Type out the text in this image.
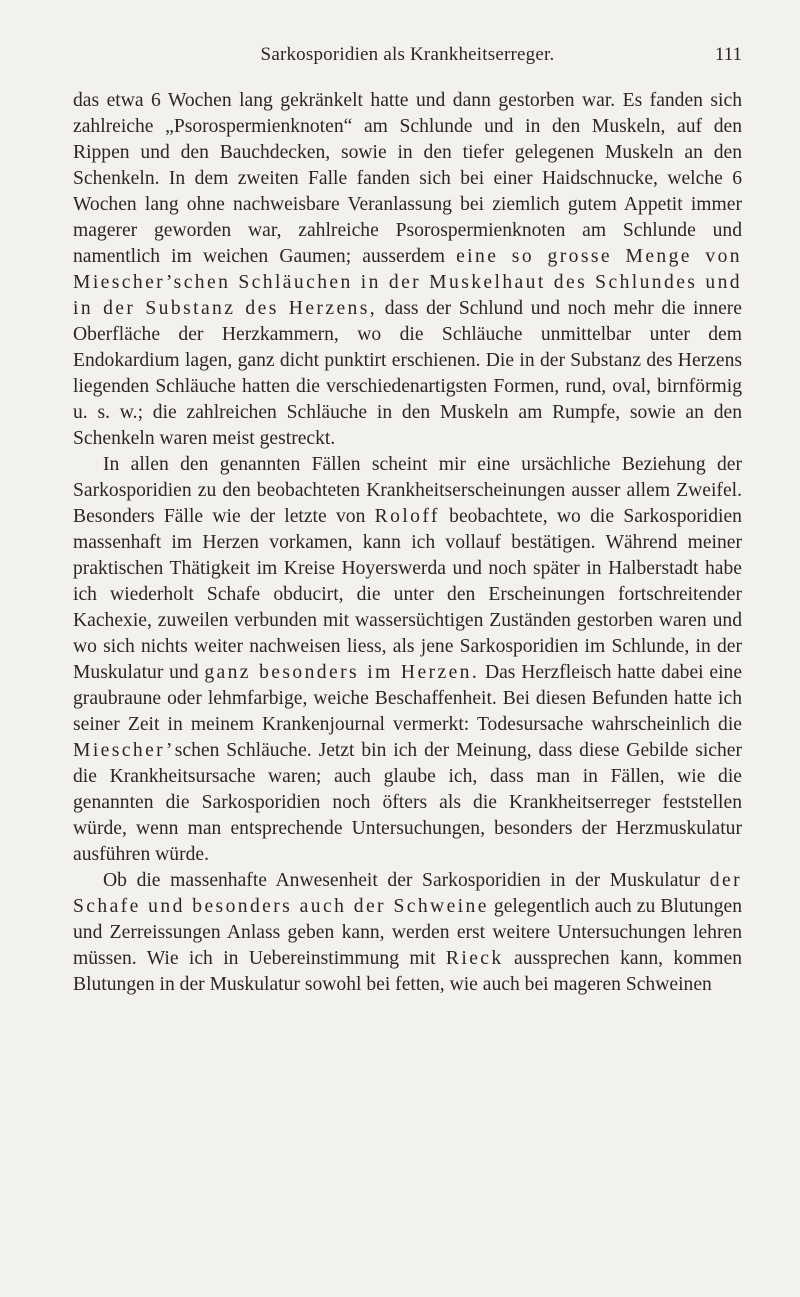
Sarkosporidien als Krankheitserreger.	111

das etwa 6 Wochen lang gekränkelt hatte und dann gestorben war. Es fanden sich zahlreiche „Psorospermienknoten“ am Schlunde und in den Muskeln, auf den Rippen und den Bauchdecken, sowie in den tiefer gelegenen Muskeln an den Schenkeln. In dem zweiten Falle fanden sich bei einer Haidschnucke, welche 6 Wochen lang ohne nachweisbare Veranlassung bei ziemlich gutem Appetit immer magerer geworden war, zahlreiche Psorospermienknoten am Schlunde und namentlich im weichen Gaumen; ausserdem eine so grosse Menge von Miescher’schen Schläuchen in der Muskelhaut des Schlundes und in der Substanz des Herzens, dass der Schlund und noch mehr die innere Oberfläche der Herzkammern, wo die Schläuche unmittelbar unter dem Endokardium lagen, ganz dicht punktirt erschienen. Die in der Substanz des Herzens liegenden Schläuche hatten die verschiedenartigsten Formen, rund, oval, birnförmig u. s. w.; die zahlreichen Schläuche in den Muskeln am Rumpfe, sowie an den Schenkeln waren meist gestreckt.

In allen den genannten Fällen scheint mir eine ursächliche Beziehung der Sarkosporidien zu den beobachteten Krankheitserscheinungen ausser allem Zweifel. Besonders Fälle wie der letzte von Roloff beobachtete, wo die Sarkosporidien massenhaft im Herzen vorkamen, kann ich vollauf bestätigen. Während meiner praktischen Thätigkeit im Kreise Hoyerswerda und noch später in Halberstadt habe ich wiederholt Schafe obducirt, die unter den Erscheinungen fortschreitender Kachexie, zuweilen verbunden mit wassersüchtigen Zuständen gestorben waren und wo sich nichts weiter nachweisen liess, als jene Sarkosporidien im Schlunde, in der Muskulatur und ganz besonders im Herzen. Das Herzfleisch hatte dabei eine graubraune oder lehmfarbige, weiche Beschaffenheit. Bei diesen Befunden hatte ich seiner Zeit in meinem Krankenjournal vermerkt: Todesursache wahrscheinlich die Miescher’schen Schläuche. Jetzt bin ich der Meinung, dass diese Gebilde sicher die Krankheitsursache waren; auch glaube ich, dass man in Fällen, wie die genannten die Sarkosporidien noch öfters als die Krankheitserreger feststellen würde, wenn man entsprechende Untersuchungen, besonders der Herzmuskulatur ausführen würde.

Ob die massenhafte Anwesenheit der Sarkosporidien in der Muskulatur der Schafe und besonders auch der Schweine gelegentlich auch zu Blutungen und Zerreissungen Anlass geben kann, werden erst weitere Untersuchungen lehren müssen. Wie ich in Uebereinstimmung mit Rieck aussprechen kann, kommen Blutungen in der Muskulatur sowohl bei fetten, wie auch bei mageren Schweinen
